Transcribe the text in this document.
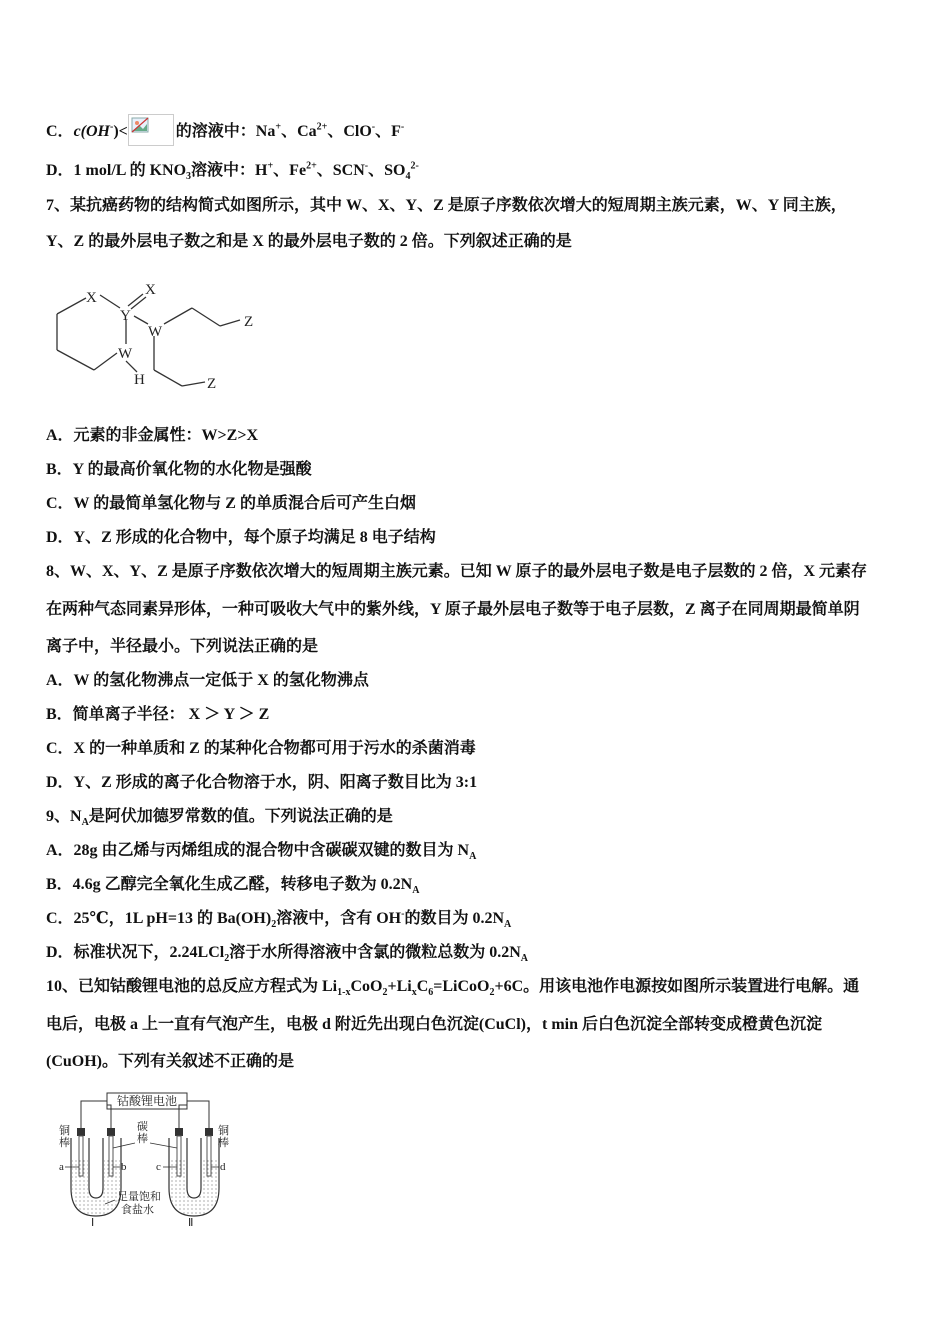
C．c(OH-)<	的溶液中：Na+、$Ca^{2+}$、ClO-、F-
D．1 mol/L 的 $KNO_3$溶液中：H+、$Fe^{2+}$、SCN-、$SO_4^{2-}$
7、某抗癌药物的结构简式如图所示，其中 W、X、Y、Z 是原子序数依次增大的短周期主族元素，W、Y 同主族，
Y、Z 的最外层电子数之和是 X 的最外层电子数的 2 倍。下列叙述正确的是
X	X
Y
W
W
H
Z
Z
A．元素的非金属性：W>Z>X
B．Y 的最高价氧化物的水化物是强酸
C．W 的最简单氢化物与 Z 的单质混合后可产生白烟
D．Y、Z 形成的化合物中，每个原子均满足 8 电子结构
8、W、X、Y、Z 是原子序数依次增大的短周期主族元素。已知 W 原子的最外层电子数是电子层数的 2 倍，X 元素存
在两种气态同素异形体，一种可吸收大气中的紫外线，Y 原子最外层电子数等于电子层数，Z 离子在同周期最简单阴
离子中，半径最小。下列说法正确的是
A．W 的氢化物沸点一定低于 X 的氢化物沸点
B．简单离子半径： X ＞ Y ＞ Z
C．X 的一种单质和 Z 的某种化合物都可用于污水的杀菌消毒
D．Y、Z 形成的离子化合物溶于水，阴、阳离子数目比为 3:1
9、$N_A$是阿伏加德罗常数的值。下列说法正确的是
A．28g 由乙烯与丙烯组成的混合物中含碳碳双键的数目为 $N_A$
B．4.6g 乙醇完全氧化生成乙醛，转移电子数为 $0.2N_A$
C．25℃，1L pH=13 的 $Ba(OH)_2$溶液中，含有 OH-的数目为 $0.2N_A$
D．标准状况下，2.24LCl$_2$溶于水所得溶液中含氯的微粒总数为 $0.2N_A$
10、已知钴酸锂电池的总反应方程式为 $Li_{1-x}CoO_2+Li_xC_6=LiCoO_2+6C$。用该电池作电源按如图所示装置进行电解。通
电后，电极 a 上一直有气泡产生，电极 d 附近先出现白色沉淀(CuCl)，t min 后白色沉淀全部转变成橙黄色沉淀
(CuOH)。下列有关叙述不正确的是
钴酸锂电池
铜
棒
碳
棒
铜
棒
a	b	c	d
足量饱和
食盐水
Ⅰ	Ⅱ
